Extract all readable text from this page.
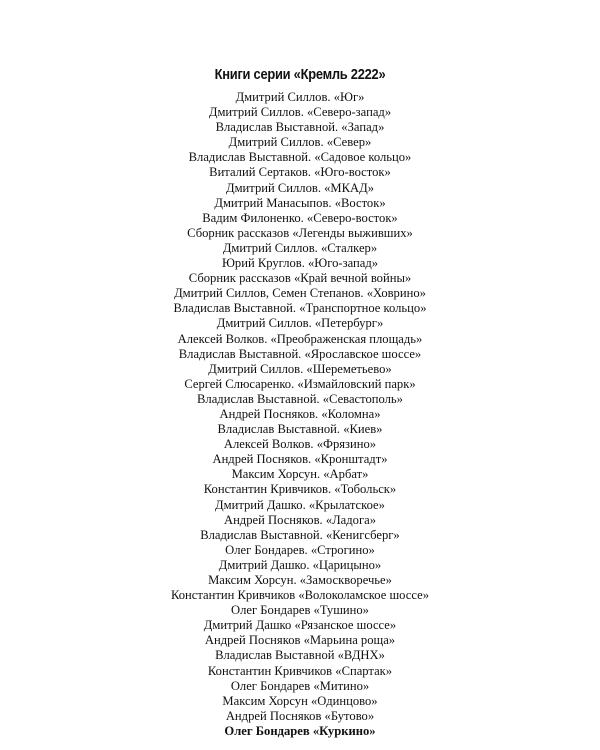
Книги серии «Кремль 2222»
Дмитрий Силлов. «Юг»
Дмитрий Силлов. «Северо-запад»
Владислав Выставной. «Запад»
Дмитрий Силлов. «Север»
Владислав Выставной. «Садовое кольцо»
Виталий Сертаков. «Юго-восток»
Дмитрий Силлов. «МКАД»
Дмитрий Манасыпов. «Восток»
Вадим Филоненко. «Северо-восток»
Сборник рассказов «Легенды выживших»
Дмитрий Силлов. «Сталкер»
Юрий Круглов. «Юго-запад»
Сборник рассказов «Край вечной войны»
Дмитрий Силлов, Семен Степанов. «Ховрино»
Владислав Выставной. «Транспортное кольцо»
Дмитрий Силлов. «Петербург»
Алексей Волков. «Преображенская площадь»
Владислав Выставной. «Ярославское шоссе»
Дмитрий Силлов. «Шереметьево»
Сергей Слюсаренко. «Измайловский парк»
Владислав Выставной. «Севастополь»
Андрей Посняков. «Коломна»
Владислав Выставной. «Киев»
Алексей Волков. «Фрязино»
Андрей Посняков. «Кронштадт»
Максим Хорсун. «Арбат»
Константин Кривчиков. «Тобольск»
Дмитрий Дашко. «Крылатское»
Андрей Посняков. «Ладога»
Владислав Выставной. «Кенигсберг»
Олег Бондарев. «Строгино»
Дмитрий Дашко. «Царицыно»
Максим Хорсун. «Замоскворечье»
Константин Кривчиков «Волоколамское шоссе»
Олег Бондарев «Тушино»
Дмитрий Дашко «Рязанское шоссе»
Андрей Посняков «Марьина роща»
Владислав Выставной «ВДНХ»
Константин Кривчиков «Спартак»
Олег Бондарев «Митино»
Максим Хорсун «Одинцово»
Андрей Посняков «Бутово»
Олег Бондарев «Куркино»
